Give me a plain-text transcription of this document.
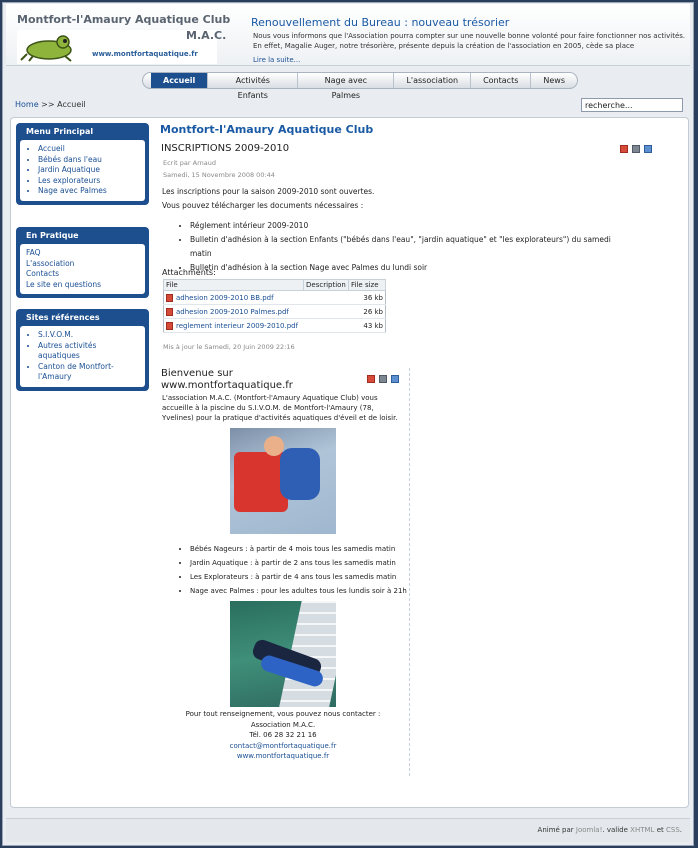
Montfort-l'Amaury Aquatique Club
M.A.C.
www.montfortaquatique.fr
Renouvellement du Bureau : nouveau trésorier
Nous vous informons que l'Association pourra compter sur une nouvelle bonne volonté pour faire fonctionner nos activités. En effet, Magalie Auger, notre trésorière, présente depuis la création de l'association en 2005, cède sa place
Lire la suite...
Accueil	Activités Enfants
Nage avec Palmes
L'association	Contacts	News
Home >> Accueil
recherche...
Menu Principal
• Accueil
• Bébés dans l'eau
• Jardin Aquatique
• Les explorateurs
• Nage avec Palmes
En Pratique
FAQ
L'association
Contacts
Le site en questions
Sites références
• S.I.V.O.M.
• Autres activités aquatiques
• Canton de Montfort-l'Amaury
Montfort-l'Amaury Aquatique Club
INSCRIPTIONS 2009-2010
Ecrit par Arnaud
Samedi, 15 Novembre 2008 00:44
Les inscriptions pour la saison 2009-2010 sont ouvertes.
Vous pouvez télécharger les documents nécessaires :
• Réglement intérieur 2009-2010
• Bulletin d'adhésion à la section Enfants ("bébés dans l'eau", "jardin aquatique" et "les explorateurs") du samedi matin
• Bulletin d'adhésion à la section Nage avec Palmes du lundi soir
Attachments:
File	Description	File size
adhesion 2009-2010 BB.pdf		36 kb
adhesion 2009-2010 Palmes.pdf		26 kb
reglement interieur 2009-2010.pdf		43 kb
Mis à jour le Samedi, 20 Juin 2009 22:16
Bienvenue sur www.montfortaquatique.fr
L'association M.A.C. (Montfort-l'Amaury Aquatique Club) vous accueille à la piscine du S.I.V.O.M. de Montfort-l'Amaury (78, Yvelines) pour la pratique d'activités aquatiques d'éveil et de loisir.
• Bébés Nageurs : à partir de 4 mois tous les samedis matin
• Jardin Aquatique : à partir de 2 ans tous les samedis matin
• Les Explorateurs : à partir de 4 ans tous les samedis matin
• Nage avec Palmes : pour les adultes tous les lundis soir à 21h
Pour tout renseignement, vous pouvez nous contacter :
Association M.A.C.
Tél. 06 28 32 21 16
contact@montfortaquatique.fr
www.montfortaquatique.fr
Animé par Joomla!. valide XHTML et CSS.
